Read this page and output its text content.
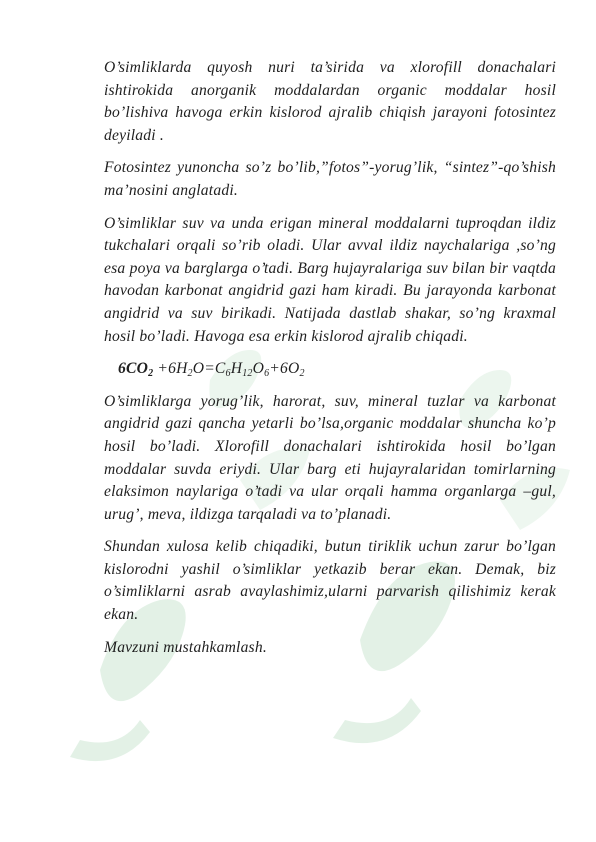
O’simliklarda quyosh nuri ta’sirida va xlorofill donachalari ishtirokida anorganik moddalardan organic moddalar hosil bo’lishiva havoga erkin kislorod ajralib chiqish jarayoni fotosintez deyiladi .

Fotosintez yunoncha so’z bo’lib,”fotos”-yorug’lik, “sintez”-qo’shish ma’nosini anglatadi.

O’simliklar suv va unda erigan mineral moddalarni tuproqdan ildiz tukchalari orqali so’rib oladi. Ular avval ildiz naychalariga ,so’ng esa poya va barglarga o’tadi. Barg hujayralariga suv bilan bir vaqtda havodan karbonat angidrid gazi ham kiradi. Bu jarayonda karbonat angidrid va suv birikadi. Natijada dastlab shakar, so’ng kraxmal hosil bo’ladi. Havoga esa erkin kislorod ajralib chiqadi.

$6CO_2 +6H_2O=C_6H_{12}O_6+6O_2$

O’simliklarga yorug’lik, harorat, suv, mineral tuzlar va karbonat angidrid gazi qancha yetarli bo’lsa,organic moddalar shuncha ko’p hosil bo’ladi. Xlorofill donachalari ishtirokida hosil bo’lgan moddalar suvda eriydi. Ular barg eti hujayralaridan tomirlarning elaksimon naylariga o’tadi va ular orqali hamma organlarga –gul, urug’, meva, ildizga tarqaladi va to’planadi.

Shundan xulosa kelib chiqadiki, butun tiriklik uchun zarur bo’lgan kislorodni yashil o’simliklar yetkazib berar ekan. Demak, biz o’simliklarni asrab avaylashimiz,ularni parvarish qilishimiz kerak ekan.

Mavzuni mustahkamlash.
